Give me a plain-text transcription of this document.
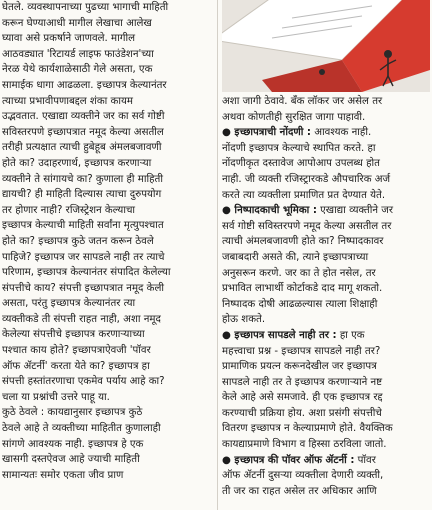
घेतले. व्यवस्थापनाच्या पुढच्या भागाची माहिती
करून घेण्याआधी मागील लेखाचा आलेख
घ्यावा असे प्रकर्षाने जाणवले. मागील
आठवड्यात 'रिटायर्ड लाइफ फाउंडेशन'च्या
नेरळ येथे कार्यशाळेसाठी गेले असता, एक
सामाईक धागा आढळला. इच्छापत्र केल्यानंतर
त्याच्या प्रभावीपणाबद्दल शंका कायम
उद्भवतात. एखाद्या व्यक्तीने जर का सर्व गोष्टी
सविस्तरपणे इच्छापत्रात नमूद केल्या असतील
तरीही प्रत्यक्षात त्याची हुबेहूब अंमलबजावणी
होते का? उदाहरणार्थ, इच्छापत्र करणाऱ्या
व्यक्तीने ते सांगायचे का? कुणाला ही माहिती
द्यायची? ही माहिती दिल्यास त्याचा दुरुपयोग
तर होणार नाही? रजिस्ट्रेशन केल्याचा
इच्छापत्र केल्याची माहिती सर्वांना मृत्युपश्चात
होते का? इच्छापत्र कुठे जतन करून ठेवले
पाहिजे? इच्छापत्र जर सापडले नाही तर त्याचे
परिणाम, इच्छापत्र केल्यानंतर संपादित केलेल्या
संपत्तीचे काय? संपत्ती इच्छापत्रात नमूद केली
असता, परंतु इच्छापत्र केल्यानंतर त्या
व्यक्तीकडे ती संपत्ती राहत नाही, अशा नमूद
केलेल्या संपत्तीचे इच्छापत्र करणाऱ्याच्या
पश्चात काय होते? इच्छापत्राऐवजी 'पॉवर
ऑफ ॲटर्नी' करता येते का? इच्छापत्र हा
संपत्ती हस्तांतरणाचा एकमेव पर्याय आहे का?
चला या प्रश्नांची उत्तरे पाहू या.
कुठे ठेवले : कायद्यानुसार इच्छापत्र कुठे
ठेवले आहे ते व्यक्तीच्या माहितीत कुणालाही
सांगणे आवश्यक नाही. इच्छापत्र हे एक
खासगी दस्तऐवज आहे ज्याची माहिती
सामान्यतः समोर एकता जीव प्राण
अशा जागी ठेवावे. बँक लॉकर जर असेल तर
अथवा कोणतीही सुरक्षित जागा पाहावी.
● इच्छापत्राची नोंदणी : आवश्यक नाही.
नोंदणी इच्छापत्र केल्याचे स्थापित करते. हा
नोंदणीकृत दस्तावेज आपोआप उपलब्ध होत
नाही. जी व्यक्ती रजिस्ट्रारकडे औपचारिक अर्ज
करते त्या व्यक्तीला प्रमाणित प्रत देण्यात येते.
● निष्पादकाची भूमिका : एखाद्या व्यक्तीने जर
सर्व गोष्टी सविस्तरपणे नमूद केल्या असतील तर
त्याची अंमलबजावणी होते का? निष्पादकावर
जबाबदारी असते की, त्याने इच्छापत्राच्या
अनुसरून करणे. जर का ते होत नसेल, तर
प्रभावित लाभार्थी कोर्टाकडे दाद मागू शकतो.
निष्पादक दोषी आढळल्यास त्याला शिक्षाही
होऊ शकते.
● इच्छापत्र सापडले नाही तर : हा एक
महत्त्वाचा प्रश्न - इच्छापत्र सापडले नाही तर?
प्रामाणिक प्रयत्न करूनदेखील जर इच्छापत्र
सापडले नाही तर ते इच्छापत्र करणाऱ्याने नष्ट
केले आहे असे समजावे. ही एक इच्छापत्र रद्द
करण्याची प्रक्रिया होय. अशा प्रसंगी संपत्तीचे
वितरण इच्छापत्र न केल्याप्रमाणे होते. वैयक्तिक
कायद्याप्रमाणे विभाग व हिस्सा ठरविला जातो.
● इच्छापत्र की पॉवर ऑफ ॲटर्नी : पॉवर
ऑफ ॲटर्नी दुसऱ्या व्यक्तीला देणारी व्यक्ती,
ती जर का राहत असेल तर अधिकार आणि
